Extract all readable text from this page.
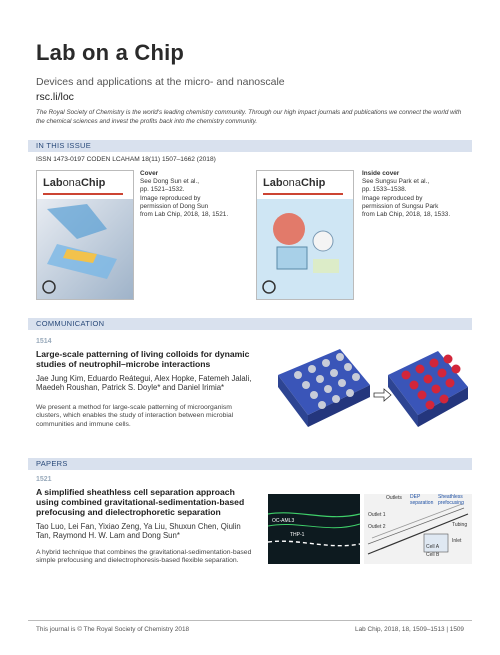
Lab on a Chip
Devices and applications at the micro- and nanoscale
rsc.li/loc
The Royal Society of Chemistry is the world's leading chemistry community. Through our high impact journals and publications we connect the world with the chemical sciences and invest the profits back into the chemistry community.
IN THIS ISSUE
ISSN 1473-0197 CODEN LCAHAM 18(11) 1507–1662 (2018)
LabonaChip
Cover
See Dong Sun et al.,
pp. 1521–1532.
Image reproduced by
permission of Dong Sun
from Lab Chip, 2018, 18, 1521.
LabonaChip
Inside cover
See Sungsu Park et al.,
pp. 1533–1538.
Image reproduced by
permission of Sungsu Park
from Lab Chip, 2018, 18, 1533.
COMMUNICATION
1514
Large-scale patterning of living colloids for dynamic studies of neutrophil–microbe interactions
Jae Jung Kim, Eduardo Reátegui, Alex Hopke, Fatemeh Jalali, Maedeh Roushan, Patrick S. Doyle* and Daniel Irimia*
We present a method for large-scale patterning of microorganism clusters, which enables the study of interaction between microbial communities and immune cells.
PAPERS
1521
A simplified sheathless cell separation approach using combined gravitational-sedimentation-based prefocusing and dielectrophoretic separation
Tao Luo, Lei Fan, Yixiao Zeng, Ya Liu, Shuxun Chen, Qiulin Tan, Raymond H. W. Lam and Dong Sun*
A hybrid technique that combines the gravitational-sedimentation-based simple prefocusing and dielectrophoresis-based flexible separation.
OC-AML3
THP-1
Outlets DEP separation
Sheathless prefocusing
Outlet 1
Outlet 2	Tubing
Inlet
Cell A
Cell B
This journal is © The Royal Society of Chemistry 2018	Lab Chip, 2018, 18, 1509–1513 | 1509
